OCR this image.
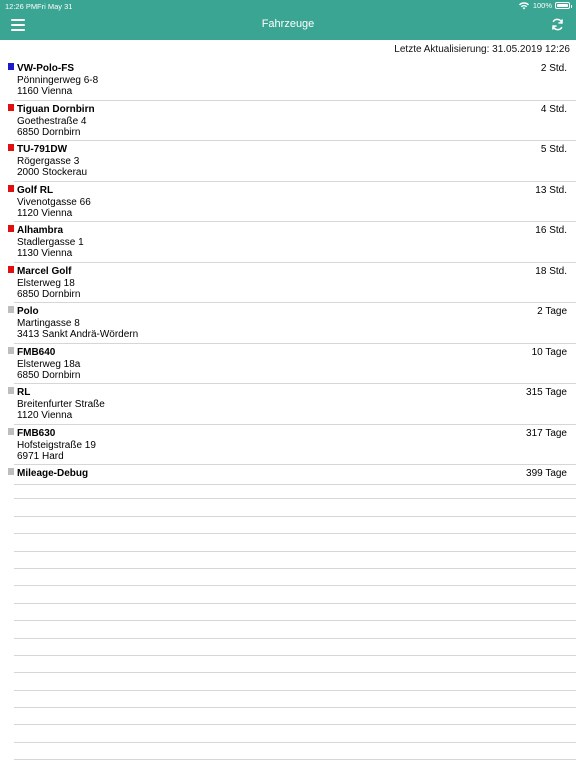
12:26 PM Fri May 31	100%
Fahrzeuge
Letzte Aktualisierung: 31.05.2019 12:26
VW-Polo-FS
Pönningerweg 6-8
1160 Vienna
2 Std.
Tiguan Dornbirn
Goethestraße 4
6850 Dornbirn
4 Std.
TU-791DW
Rögergasse 3
2000 Stockerau
5 Std.
Golf RL
Vivenotgasse 66
1120 Vienna
13 Std.
Alhambra
Stadlergasse 1
1130 Vienna
16 Std.
Marcel Golf
Elsterweg 18
6850 Dornbirn
18 Std.
Polo
Martingasse 8
3413 Sankt Andrä-Wördern
2 Tage
FMB640
Elsterweg 18a
6850 Dornbirn
10 Tage
RL
Breitenfurter Straße
1120 Vienna
315 Tage
FMB630
Hofsteigstraße 19
6971 Hard
317 Tage
Mileage-Debug	399 Tage
